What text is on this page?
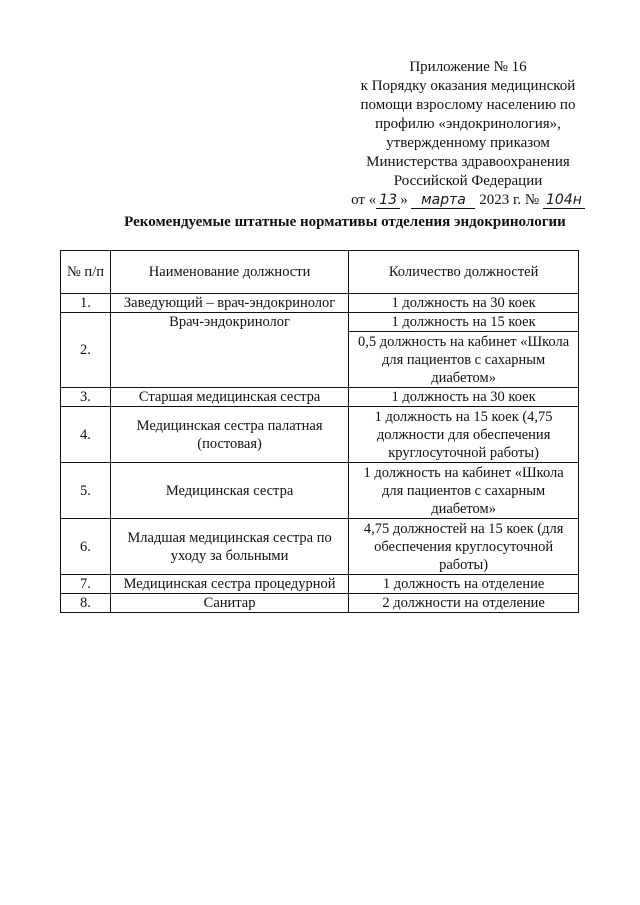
Приложение № 16
к Порядку оказания медицинской
помощи взрослому населению по
профилю «эндокринология»,
утвержденному приказом
Министерства здравоохранения
Российской Федерации
от « 13 » марта 2023 г. № 104н
Рекомендуемые штатные нормативы отделения эндокринологии
№ п/п	Наименование должности	Количество должностей
1.	Заведующий – врач-эндокринолог	1 должность на 30 коек
2.	Врач-эндокринолог	1 должность на 15 коек
		0,5 должность на кабинет «Школа для пациентов с сахарным диабетом»
3.	Старшая медицинская сестра	1 должность на 30 коек
4.	Медицинская сестра палатная (постовая)	1 должность на 15 коек (4,75 должности для обеспечения круглосуточной работы)
5.	Медицинская сестра	1 должность на кабинет «Школа для пациентов с сахарным диабетом»
6.	Младшая медицинская сестра по уходу за больными	4,75 должностей на 15 коек (для обеспечения круглосуточной работы)
7.	Медицинская сестра процедурной	1 должность на отделение
8.	Санитар	2 должности на отделение
